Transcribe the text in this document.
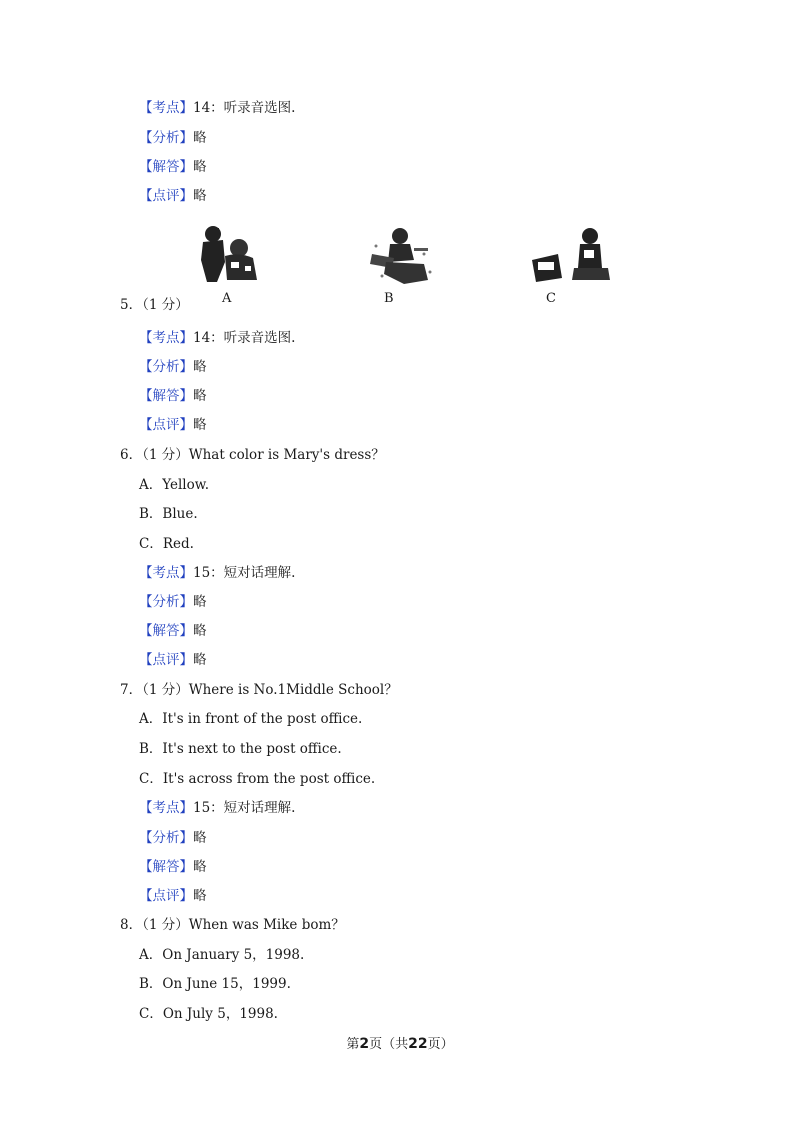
【考点】14：听录音选图.
【分析】略
【解答】略
【点评】略
A	B	C
5．（1 分）
【考点】14：听录音选图.
【分析】略
【解答】略
【点评】略
6．（1 分）What color is Mary's dress？
A．Yellow.
B．Blue.
C．Red.
【考点】15：短对话理解.
【分析】略
【解答】略
【点评】略
7．（1 分）Where is No.1Middle School？
A．It's in front of the post office.
B．It's next to the post office.
C．It's across from the post office.
【考点】15：短对话理解.
【分析】略
【解答】略
【点评】略
8．（1 分）When was Mike bom？
A．On January 5，1998.
B．On June 15，1999.
C．On July 5，1998.
第2页（共22页）
